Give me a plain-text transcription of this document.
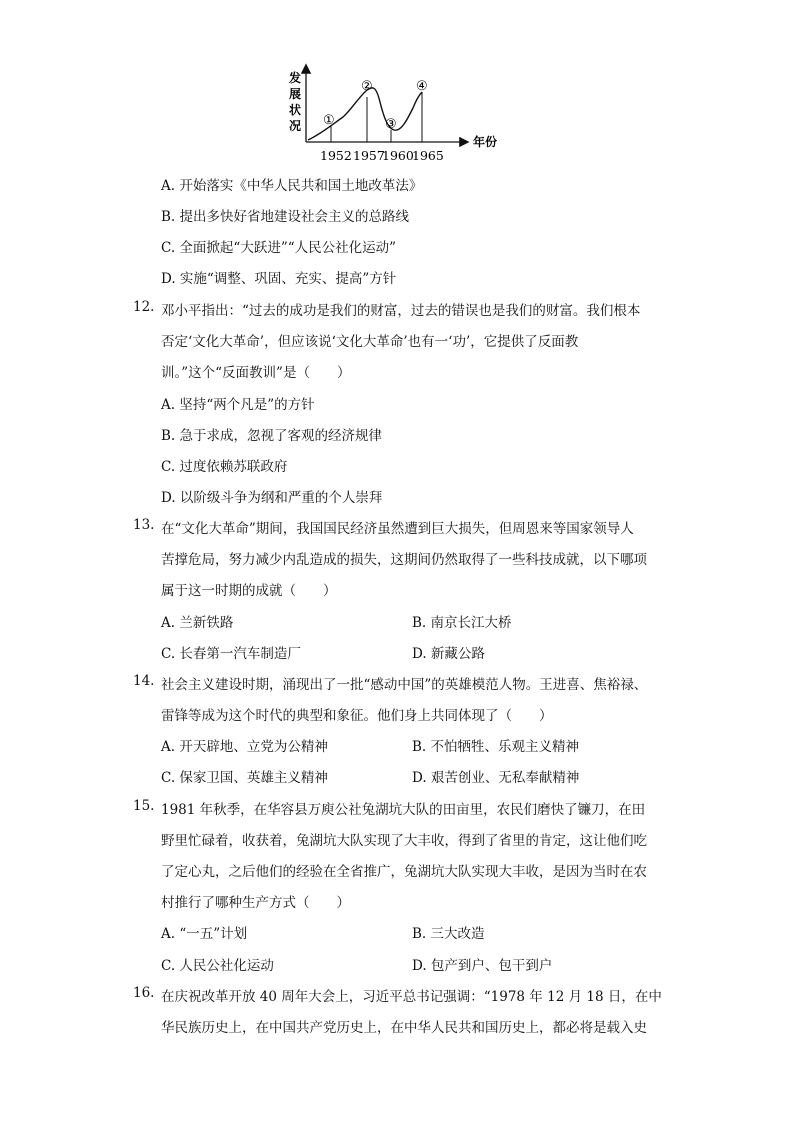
发
展
状
况
年份
①
②
③
④
1952 1957
1960
1965
A. 开始落实《中华人民共和国土地改革法》
B. 提出多快好省地建设社会主义的总路线
C. 全面掀起“大跃进”“人民公社化运动”
D. 实施“调整、巩固、充实、提高”方针
12. 邓小平指出：“过去的成功是我们的财富，过去的错误也是我们的财富。我们根本
否定‘文化大革命’，但应该说‘文化大革命’也有一‘功’，它提供了反面教
训。”这个“反面教训”是（　　）
A. 坚持“两个凡是”的方针
B. 急于求成，忽视了客观的经济规律
C. 过度依赖苏联政府
D. 以阶级斗争为纲和严重的个人崇拜
13. 在“文化大革命”期间，我国国民经济虽然遭到巨大损失，但周恩来等国家领导人
苦撑危局，努力减少内乱造成的损失，这期间仍然取得了一些科技成就，以下哪项
属于这一时期的成就（　　）
A. 兰新铁路	B. 南京长江大桥
C. 长春第一汽车制造厂	D. 新藏公路
14. 社会主义建设时期，涌现出了一批“感动中国”的英雄模范人物。王进喜、焦裕禄、
雷锋等成为这个时代的典型和象征。他们身上共同体现了（　　）
A. 开天辟地、立党为公精神	B. 不怕牺牲、乐观主义精神
C. 保家卫国、英雄主义精神	D. 艰苦创业、无私奉献精神
15. 1981 年秋季，在华容县万庾公社兔湖坑大队的田亩里，农民们磨快了镰刀，在田
野里忙碌着，收获着，兔湖坑大队实现了大丰收，得到了省里的肯定，这让他们吃
了定心丸，之后他们的经验在全省推广，兔湖坑大队实现大丰收，是因为当时在农
村推行了哪种生产方式（　　）
A. “一五”计划	B. 三大改造
C. 人民公社化运动	D. 包产到户、包干到户
16. 在庆祝改革开放 40 周年大会上，习近平总书记强调：“1978 年 12 月 18 日，在中
华民族历史上，在中国共产党历史上，在中华人民共和国历史上，都必将是载入史
